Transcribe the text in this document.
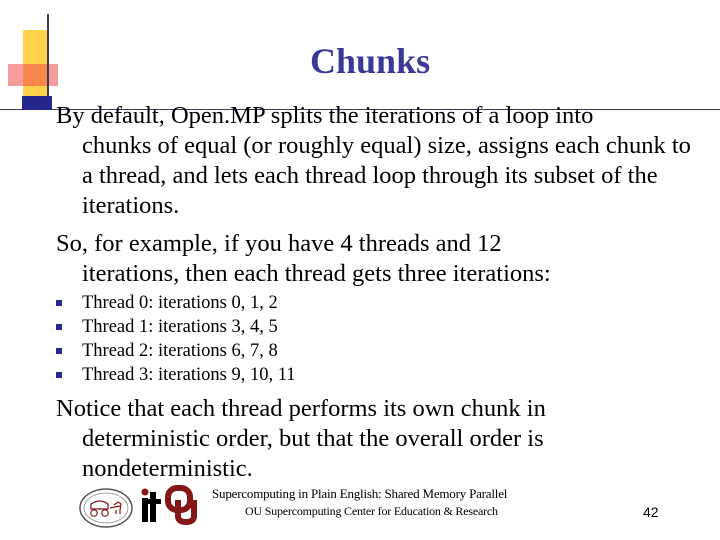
Chunks
By default, Open.MP splits the iterations of a loop into
chunks of equal (or roughly equal) size, assigns each chunk to a thread, and lets each thread loop through its subset of the iterations.
So, for example, if you have 4 threads and 12
iterations, then each thread gets three iterations:
Thread 0: iterations 0, 1, 2
Thread 1: iterations 3, 4, 5
Thread 2: iterations 6, 7, 8
Thread 3: iterations 9, 10, 11
Notice that each thread performs its own chunk in
deterministic order, but that the overall order is nondeterministic.
Supercomputing in Plain English: Shared Memory Parallel
OU Supercomputing Center for Education & Research	42
